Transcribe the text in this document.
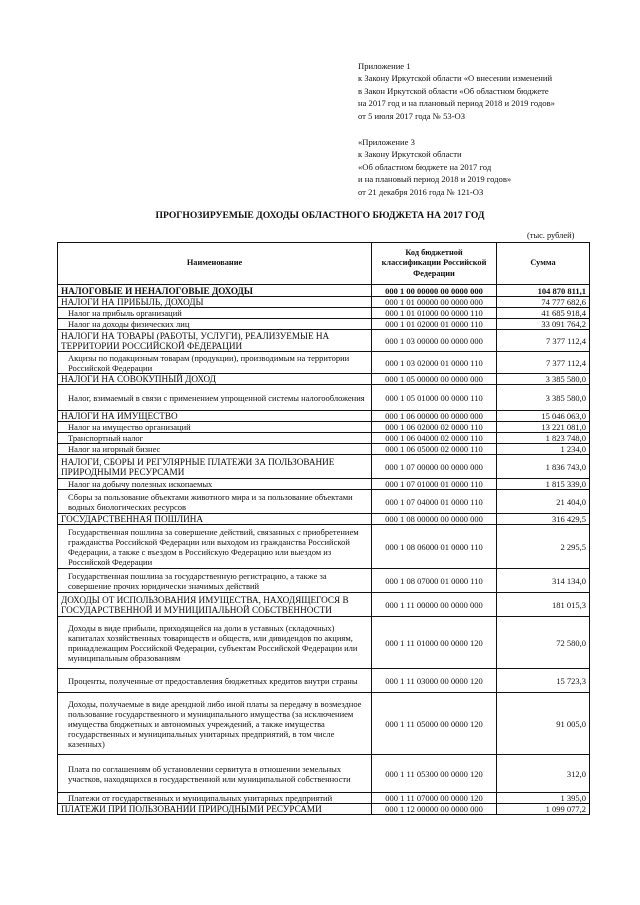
Приложение 1
к Закону Иркутской области «О внесении изменений
в Закон Иркутской области «Об областном бюджете
на 2017 год и на плановый период 2018 и 2019 годов»
от 5 июля 2017 года № 53-ОЗ
«Приложение 3
к Закону Иркутской области
«Об областном бюджете на 2017 год
и на плановый период 2018 и 2019 годов»
от 21 декабря 2016 года № 121-ОЗ
ПРОГНОЗИРУЕМЫЕ ДОХОДЫ ОБЛАСТНОГО БЮДЖЕТА НА 2017 ГОД
(тыс. рублей)
Наименование	Код бюджетной классификации Российской Федерации	Сумма
НАЛОГОВЫЕ И НЕНАЛОГОВЫЕ ДОХОДЫ	000 1 00 00000 00 0000 000	104 870 811,1
НАЛОГИ НА ПРИБЫЛЬ, ДОХОДЫ	000 1 01 00000 00 0000 000	74 777 682,6
Налог на прибыль организаций	000 1 01 01000 00 0000 110	41 685 918,4
Налог на доходы физических лиц	000 1 01 02000 01 0000 110	33 091 764,2
НАЛОГИ НА ТОВАРЫ (РАБОТЫ, УСЛУГИ), РЕАЛИЗУЕМЫЕ НА ТЕРРИТОРИИ РОССИЙСКОЙ ФЕДЕРАЦИИ	000 1 03 00000 00 0000 000	7 377 112,4
Акцизы по подакцизным товарам (продукции), производимым на территории Российской Федерации	000 1 03 02000 01 0000 110	7 377 112,4
НАЛОГИ НА СОВОКУПНЫЙ ДОХОД	000 1 05 00000 00 0000 000	3 385 580,0
Налог, взимаемый в связи с применением упрощенной системы налогообложения	000 1 05 01000 00 0000 110	3 385 580,0
НАЛОГИ НА ИМУЩЕСТВО	000 1 06 00000 00 0000 000	15 046 063,0
Налог на имущество организаций	000 1 06 02000 02 0000 110	13 221 081,0
Транспортный налог	000 1 06 04000 02 0000 110	1 823 748,0
Налог на игорный бизнес	000 1 06 05000 02 0000 110	1 234,0
НАЛОГИ, СБОРЫ И РЕГУЛЯРНЫЕ ПЛАТЕЖИ ЗА ПОЛЬЗОВАНИЕ ПРИРОДНЫМИ РЕСУРСАМИ	000 1 07 00000 00 0000 000	1 836 743,0
Налог на добычу полезных ископаемых	000 1 07 01000 01 0000 110	1 815 339,0
Сборы за пользование объектами животного мира и за пользование объектами водных биологических ресурсов	000 1 07 04000 01 0000 110	21 404,0
ГОСУДАРСТВЕННАЯ ПОШЛИНА	000 1 08 00000 00 0000 000	316 429,5
Государственная пошлина за совершение действий, связанных с приобретением гражданства Российской Федерации или выходом из гражданства Российской Федерации, а также с въездом в Российскую Федерацию или выездом из Российской Федерации	000 1 08 06000 01 0000 110	2 295,5
Государственная пошлина за государственную регистрацию, а также за совершение прочих юридически значимых действий	000 1 08 07000 01 0000 110	314 134,0
ДОХОДЫ ОТ ИСПОЛЬЗОВАНИЯ ИМУЩЕСТВА, НАХОДЯЩЕГОСЯ В ГОСУДАРСТВЕННОЙ И МУНИЦИПАЛЬНОЙ СОБСТВЕННОСТИ	000 1 11 00000 00 0000 000	181 015,3
Доходы в виде прибыли, приходящейся на доли в уставных (складочных) капиталах хозяйственных товариществ и обществ, или дивидендов по акциям, принадлежащим Российской Федерации, субъектам Российской Федерации или муниципальным образованиям	000 1 11 01000 00 0000 120	72 580,0
Проценты, полученные от предоставления бюджетных кредитов внутри страны	000 1 11 03000 00 0000 120	15 723,3
Доходы, получаемые в виде арендной либо иной платы за передачу в возмездное пользование государственного и муниципального имущества (за исключением имущества бюджетных и автономных учреждений, а также имущества государственных и муниципальных унитарных предприятий, в том числе казенных)	000 1 11 05000 00 0000 120	91 005,0
Плата по соглашениям об установлении сервитута в отношении земельных участков, находящихся в государственной или муниципальной собственности	000 1 11 05300 00 0000 120	312,0
Платежи от государственных и муниципальных унитарных предприятий	000 1 11 07000 00 0000 120	1 395,0
ПЛАТЕЖИ ПРИ ПОЛЬЗОВАНИИ ПРИРОДНЫМИ РЕСУРСАМИ	000 1 12 00000 00 0000 000	1 099 077,2
